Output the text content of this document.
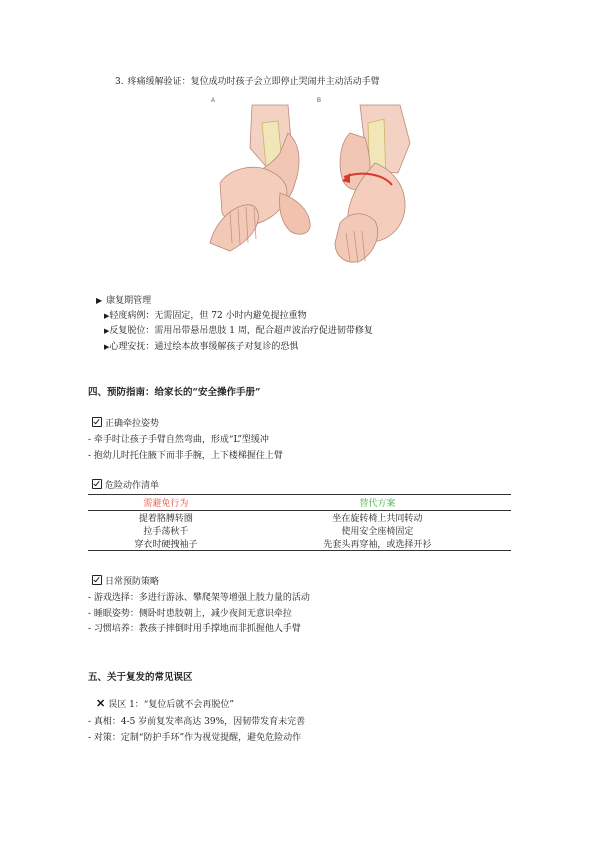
3. 疼痛缓解验证：复位成功时孩子会立即停止哭闹并主动活动手臂
A	B
▶ 康复期管理
▶轻度病例：无需固定，但 72 小时内避免提拉重物
▶反复脱位：需用吊带悬吊患肢 1 周，配合超声波治疗促进韧带修复
▶心理安抚：通过绘本故事缓解孩子对复诊的恐惧
四、预防指南：给家长的“安全操作手册”
正确牵拉姿势
- 牵手时让孩子手臂自然弯曲，形成“L”型缓冲
- 抱幼儿时托住腋下而非手腕，上下楼梯握住上臂
危险动作清单
需避免行为	替代方案
提着胳膊转圈	坐在旋转椅上共同转动
拉手荡秋千	使用安全座椅固定
穿衣时硬拽袖子	先套头再穿袖，或选择开衫
日常预防策略
- 游戏选择：多进行游泳、攀爬架等增强上肢力量的活动
- 睡眠姿势：侧卧时患肢朝上，减少夜间无意识牵拉
- 习惯培养：教孩子摔倒时用手撑地而非抓握他人手臂
五、关于复发的常见误区
✕ 误区 1：“复位后就不会再脱位”
- 真相：4-5 岁前复发率高达 39%，因韧带发育未完善
- 对策：定制“防护手环”作为视觉提醒，避免危险动作
